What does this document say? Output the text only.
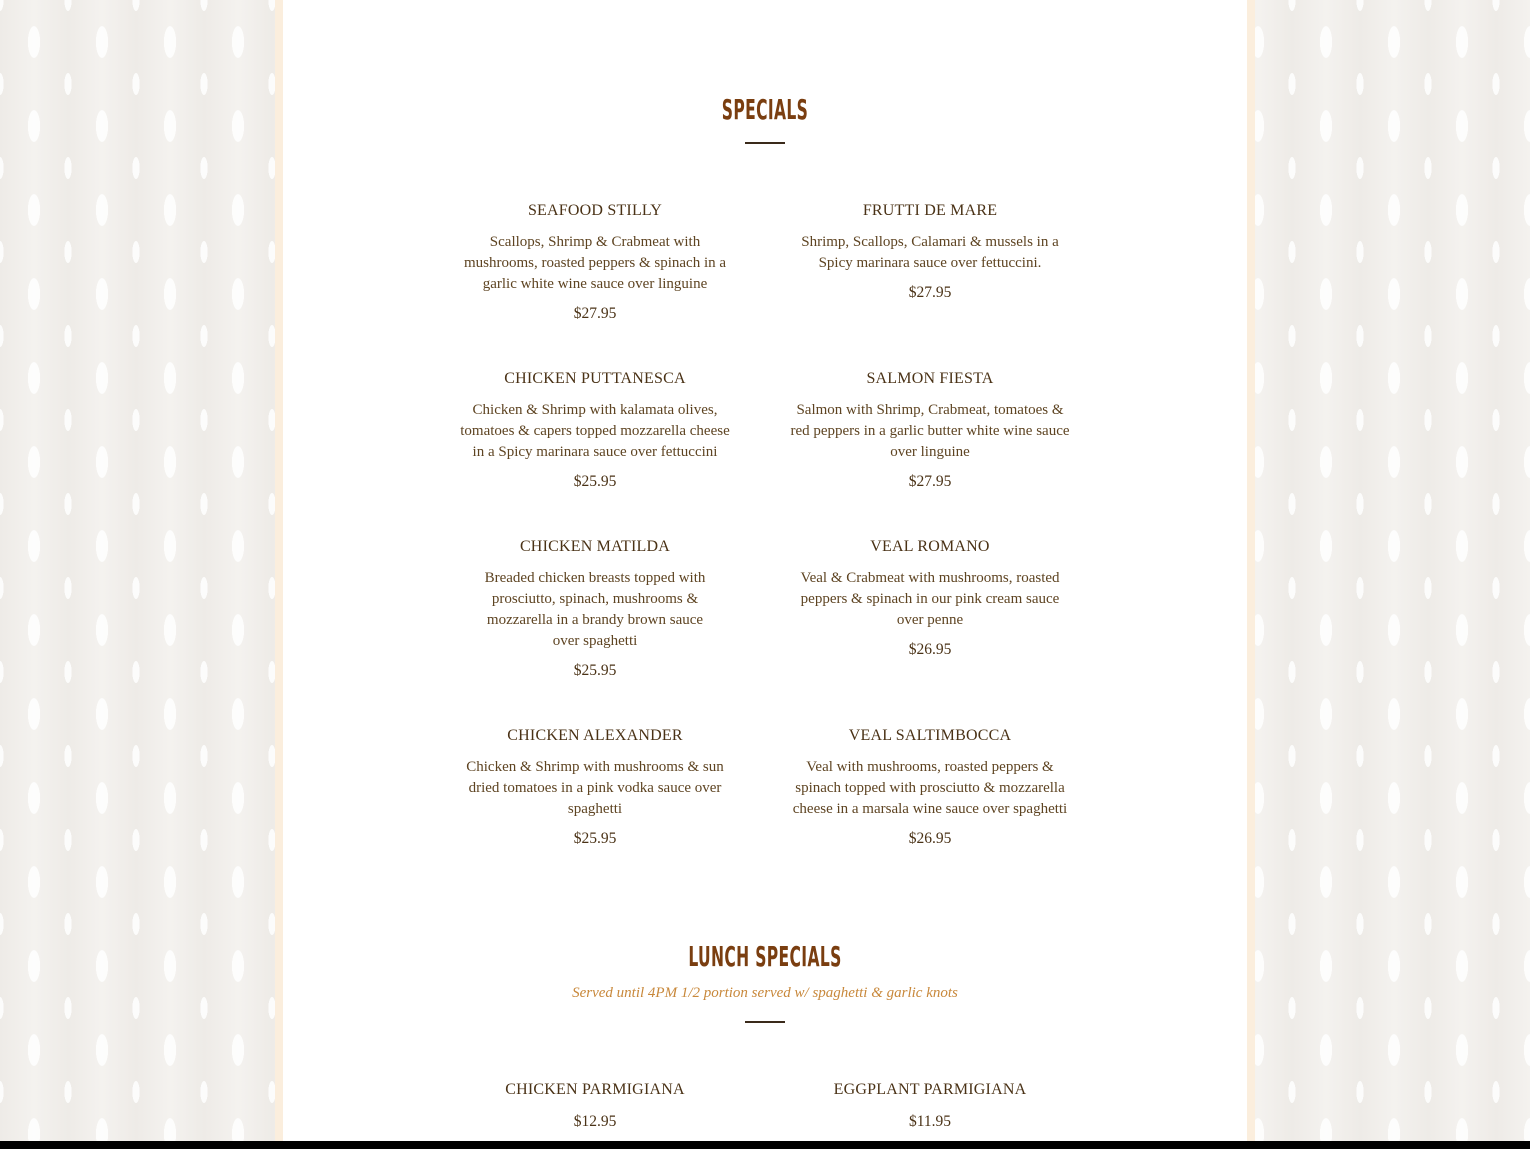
SPECIALS
SEAFOOD STILLY
Scallops, Shrimp & Crabmeat with mushrooms, roasted peppers & spinach in a garlic white wine sauce over linguine
$27.95
FRUTTI DE MARE
Shrimp, Scallops, Calamari & mussels in a Spicy marinara sauce over fettuccini.
$27.95
CHICKEN PUTTANESCA
Chicken & Shrimp with kalamata olives, tomatoes & capers topped mozzarella cheese in a Spicy marinara sauce over fettuccini
$25.95
SALMON FIESTA
Salmon with Shrimp, Crabmeat, tomatoes & red peppers in a garlic butter white wine sauce over linguine
$27.95
CHICKEN MATILDA
Breaded chicken breasts topped with prosciutto, spinach, mushrooms & mozzarella in a brandy brown sauce over spaghetti
$25.95
VEAL ROMANO
Veal & Crabmeat with mushrooms, roasted peppers & spinach in our pink cream sauce over penne
$26.95
CHICKEN ALEXANDER
Chicken & Shrimp with mushrooms & sun dried tomatoes in a pink vodka sauce over spaghetti
$25.95
VEAL SALTIMBOCCA
Veal with mushrooms, roasted peppers & spinach topped with prosciutto & mozzarella cheese in a marsala wine sauce over spaghetti
$26.95
LUNCH SPECIALS
Served until 4PM 1/2 portion served w/ spaghetti & garlic knots
CHICKEN PARMIGIANA
$12.95
EGGPLANT PARMIGIANA
$11.95
